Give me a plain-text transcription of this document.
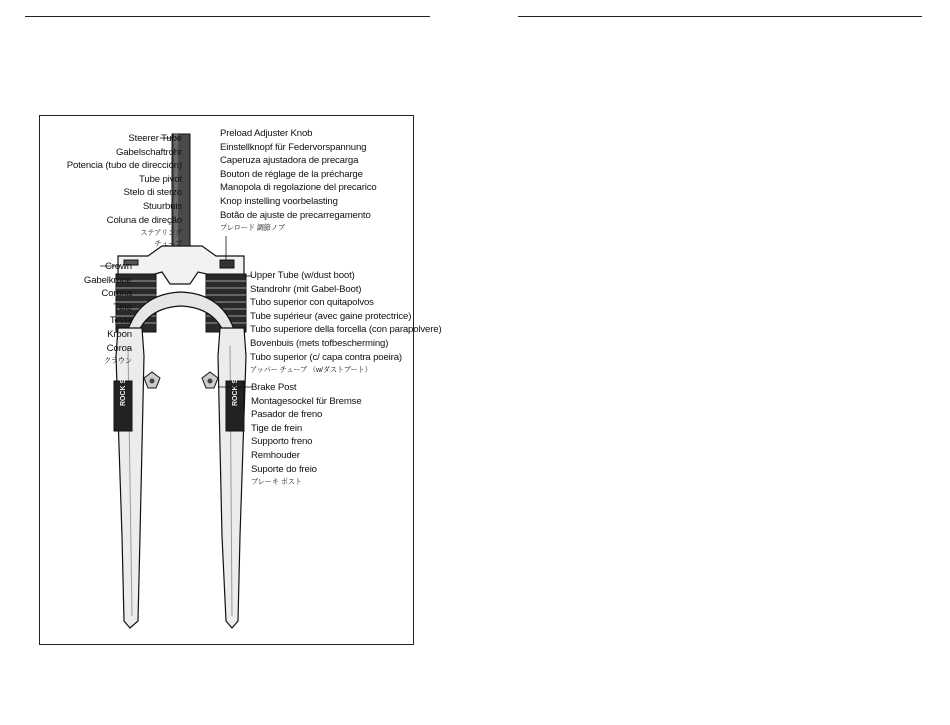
ROCK SHOX	ROCK SHOX
Steerer Tube
Gabelschaftrohr
Potencia (tubo de dirección)
Tube pivot
Stelo di sterzo
Stuurbuis
Coluna de direção
ステアリング
チューブ
Crown
Gabelkrone
Corona
Tête
Testa
Kroon
Coroa
クラウン
Preload Adjuster Knob
Einstellknopf für Federvorspannung
Caperuza ajustadora de precarga
Bouton de réglage de la précharge
Manopola di regolazione del precarico
Knop instelling voorbelasting
Botão de ajuste de precarregamento
プレロード 調節ノブ
Upper Tube (w/dust boot)
Standrohr (mit Gabel-Boot)
Tubo superior con quitapolvos
Tube supérieur (avec gaine protectrice)
Tubo superiore della forcella (con parapolvere)
Bovenbuis (mets tofbescherming)
Tubo superior (c/ capa contra poeira)
アッパー チューブ （w/ダストブート）
Brake Post
Montagesockel für Bremse
Pasador de freno
Tige de frein
Supporto freno
Remhouder
Suporte do freio
ブレーキ ポスト
